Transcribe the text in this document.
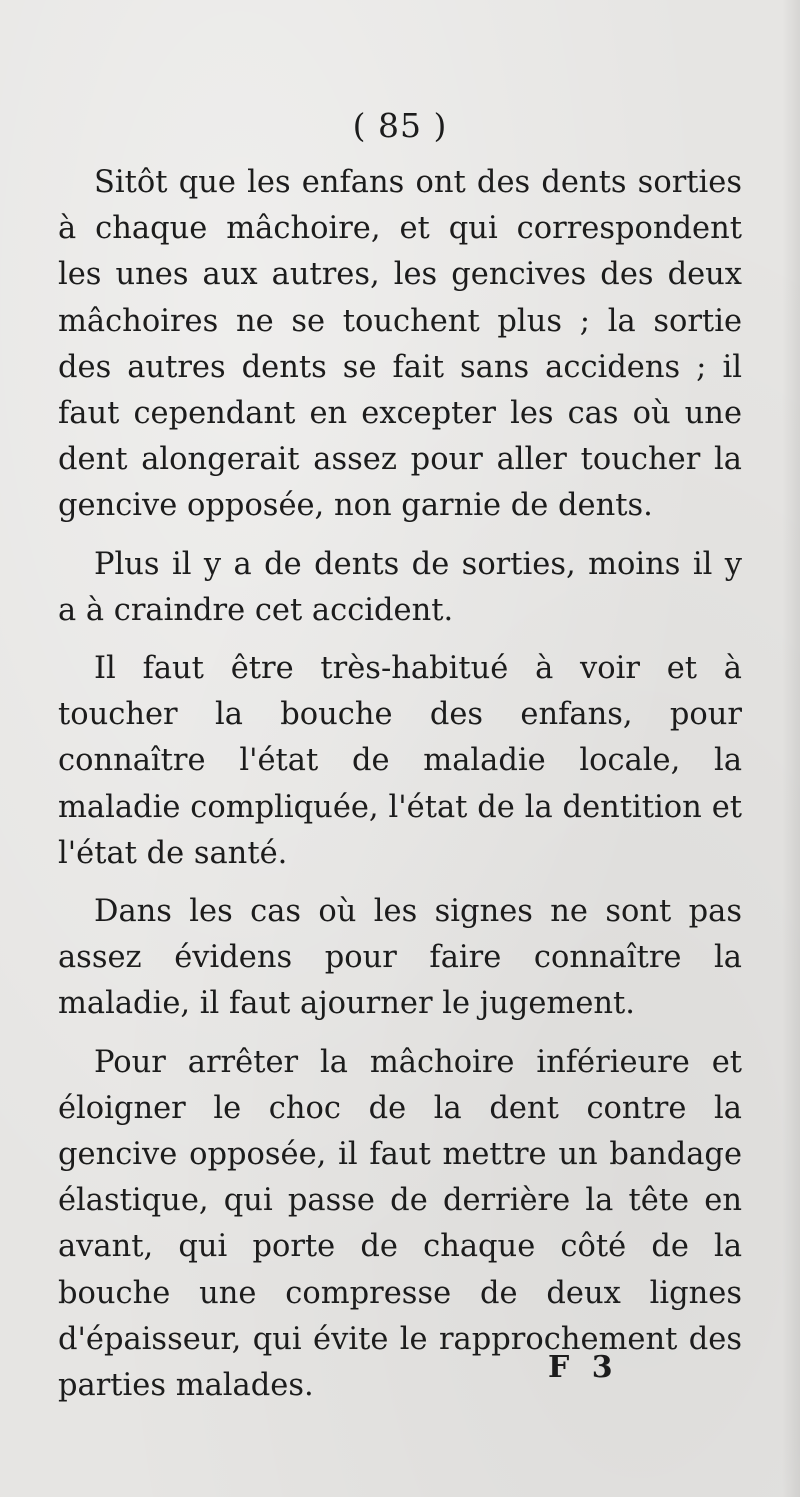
( 85 )

Sitôt que les enfans ont des dents sorties à chaque mâchoire, et qui correspondent les unes aux autres, les gencives des deux mâchoires ne se touchent plus ; la sortie des autres dents se fait sans accidens ; il faut cependant en excepter les cas où une dent alongerait assez pour aller toucher la gencive opposée, non garnie de dents.

Plus il y a de dents de sorties, moins il y a à craindre cet accident.

Il faut être très-habitué à voir et à toucher la bouche des enfans, pour connaître l'état de maladie locale, la maladie compliquée, l'état de la dentition et l'état de santé.

Dans les cas où les signes ne sont pas assez évidens pour faire connaître la maladie, il faut ajourner le jugement.

Pour arrêter la mâchoire inférieure et éloigner le choc de la dent contre la gencive opposée, il faut mettre un bandage élastique, qui passe de derrière la tête en avant, qui porte de chaque côté de la bouche une compresse de deux lignes d'épaisseur, qui évite le rapprochement des parties malades.

F 3
